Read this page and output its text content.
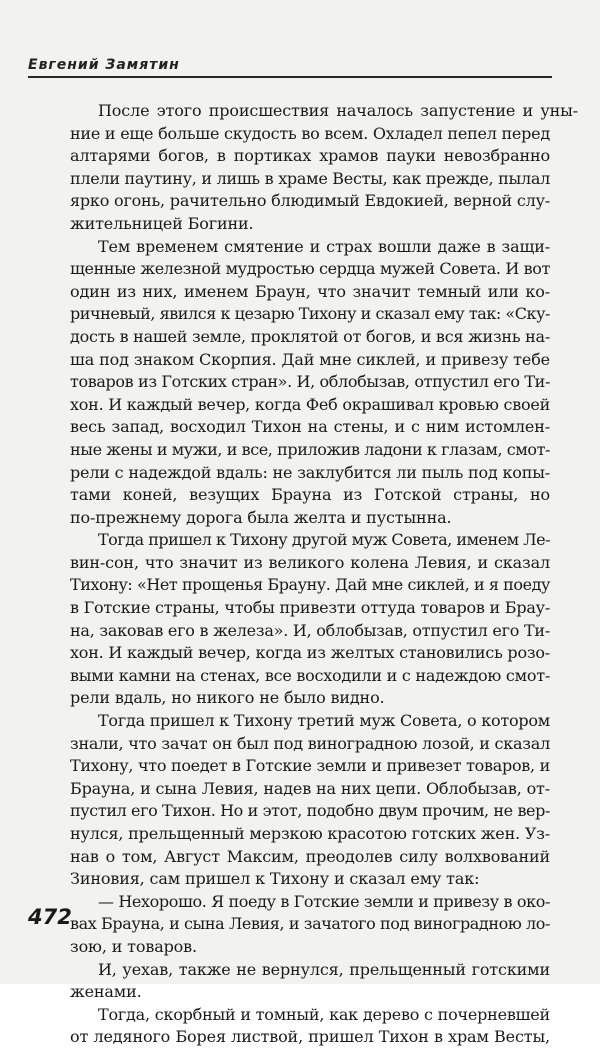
Евгений Замятин
После этого происшествия началось запустение и уны-
ние и еще больше скудость во всем. Охладел пепел перед
алтарями богов, в портиках храмов пауки невозбранно
плели паутину, и лишь в храме Весты, как прежде, пылал
ярко огонь, рачительно блюдимый Евдокией, верной слу-
жительницей Богини.
Тем временем смятение и страх вошли даже в защи-
щенные железной мудростью сердца мужей Совета. И вот
один из них, именем Браун, что значит темный или ко-
ричневый, явился к цезарю Тихону и сказал ему так: «Ску-
дость в нашей земле, проклятой от богов, и вся жизнь на-
ша под знаком Скорпия. Дай мне сиклей, и привезу тебе
товаров из Готских стран». И, облобызав, отпустил его Ти-
хон. И каждый вечер, когда Феб окрашивал кровью своей
весь запад, восходил Тихон на стены, и с ним истомлен-
ные жены и мужи, и все, приложив ладони к глазам, смот-
рели с надеждой вдаль: не заклубится ли пыль под копы-
тами коней, везущих Брауна из Готской страны, но
по-прежнему дорога была желта и пустынна.
Тогда пришел к Тихону другой муж Совета, именем Ле-
вин-сон, что значит из великого колена Левия, и сказал
Тихону: «Нет прощенья Брауну. Дай мне сиклей, и я поеду
в Готские страны, чтобы привезти оттуда товаров и Брау-
на, заковав его в железа». И, облобызав, отпустил его Ти-
хон. И каждый вечер, когда из желтых становились розо-
выми камни на стенах, все восходили и с надеждою смот-
рели вдаль, но никого не было видно.
Тогда пришел к Тихону третий муж Совета, о котором
знали, что зачат он был под виноградною лозой, и сказал
Тихону, что поедет в Готские земли и привезет товаров, и
Брауна, и сына Левия, надев на них цепи. Облобызав, от-
пустил его Тихон. Но и этот, подобно двум прочим, не вер-
нулся, прельщенный мерзкою красотою готских жен. Уз-
нав о том, Август Максим, преодолев силу волхвований
Зиновия, сам пришел к Тихону и сказал ему так:
— Нехорошо. Я поеду в Готские земли и привезу в око-
вах Брауна, и сына Левия, и зачатого под виноградною ло-
зою, и товаров.
И, уехав, также не вернулся, прельщенный готскими
женами.
Тогда, скорбный и томный, как дерево с почерневшей
от ледяного Борея листвой, пришел Тихон в храм Весты,
472
